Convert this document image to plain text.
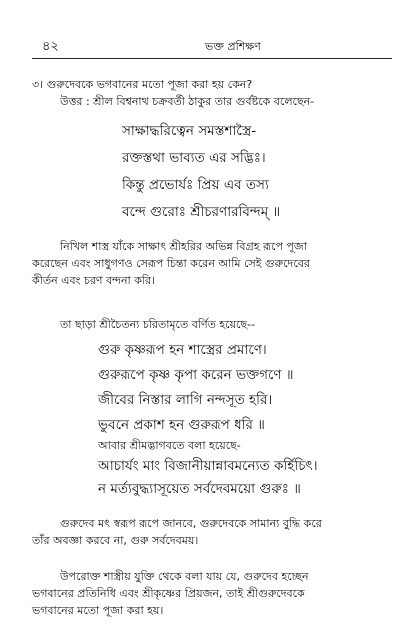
৪২	ভক্ত প্রশিক্ষণ
৩। গুরুদেবকে ভগবানের মতো পূজা করা হয় কেন?
উত্তর : শ্রীল বিশ্বনাথ চক্রবর্তী ঠাকুর তার গুর্বষ্টকে বলেছেন-
সাক্ষাদ্ধরিত্বেন সমস্তশাস্ত্রৈ-
রক্তস্তথা ভাব্যত এর সদ্ভিঃ।
কিন্তু প্রভোর্যঃ প্রিয় এব তস্য
বন্দে গুরোঃ শ্রীচরণারবিন্দম্ ॥
নিখিল শাস্ত্র যাঁকে সাক্ষাৎ শ্রীহরির অভিন্ন বিগ্রহ রূপে পূজা
করেছেন এবং সাধুগণও সেরূপ চিন্তা করেন আমি সেই গুরুদেবের
কীর্তন এবং চরণ বন্দনা করি।
তা ছাড়া শ্রীচৈতন্য চরিতামৃতে বর্ণিত হয়েছে--
গুরু কৃষ্ণরূপ হন শাস্ত্রের প্রমাণে।
গুরুরূপে কৃষ্ণ কৃপা করেন ভক্তগণে ॥
জীবের নিস্তার লাগি নন্দসূত হরি।
ভুবনে প্রকাশ হন গুরুরূপ ধরি ॥
আবার শ্রীমদ্ভাগবতে বলা হয়েছে-
আচার্যং মাং বিজানীয়ান্নাবমন্যেত কর্হিচিৎ।
ন মর্ত্যবুদ্ধ্যাসূয়েত সর্বদেবময়ো গুরুঃ ॥
গুরুদেব মৎ স্বরূপ রূপে জানবে, গুরুদেবকে সামান্য বুদ্ধি করে
তাঁর অবজ্ঞা করবে না, গুরু সর্বদেবময়।
উপরোক্ত শাস্ত্রীয় যুক্তি থেকে বলা যায় যে, গুরুদেব হচ্ছেন
ভগবানের প্রতিনিধি এবং শ্রীকৃষ্ণের প্রিয়জন, তাই শ্রীগুরুদেবকে
ভগবানের মতো পূজা করা হয়।
